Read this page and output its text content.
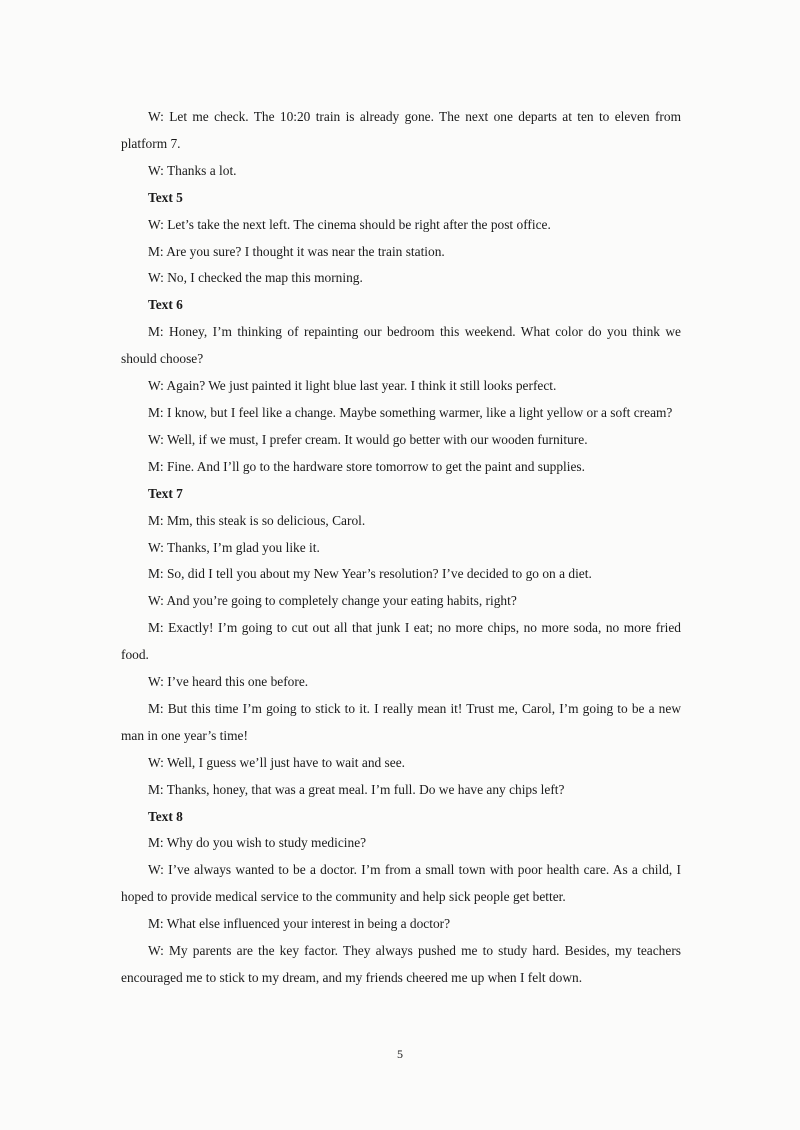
W: Let me check. The 10:20 train is already gone. The next one departs at ten to eleven from platform 7.

W: Thanks a lot.

Text 5

W: Let’s take the next left. The cinema should be right after the post office.

M: Are you sure? I thought it was near the train station.

W: No, I checked the map this morning.

Text 6

M: Honey, I’m thinking of repainting our bedroom this weekend. What color do you think we should choose?

W: Again? We just painted it light blue last year. I think it still looks perfect.

M: I know, but I feel like a change. Maybe something warmer, like a light yellow or a soft cream?

W: Well, if we must, I prefer cream. It would go better with our wooden furniture.

M: Fine. And I’ll go to the hardware store tomorrow to get the paint and supplies.

Text 7

M: Mm, this steak is so delicious, Carol.

W: Thanks, I’m glad you like it.

M: So, did I tell you about my New Year’s resolution? I’ve decided to go on a diet.

W: And you’re going to completely change your eating habits, right?

M: Exactly! I’m going to cut out all that junk I eat; no more chips, no more soda, no more fried food.

W: I’ve heard this one before.

M: But this time I’m going to stick to it. I really mean it! Trust me, Carol, I’m going to be a new man in one year’s time!

W: Well, I guess we’ll just have to wait and see.

M: Thanks, honey, that was a great meal. I’m full. Do we have any chips left?

Text 8

M: Why do you wish to study medicine?

W: I’ve always wanted to be a doctor. I’m from a small town with poor health care. As a child, I hoped to provide medical service to the community and help sick people get better.

M: What else influenced your interest in being a doctor?

W: My parents are the key factor. They always pushed me to study hard. Besides, my teachers encouraged me to stick to my dream, and my friends cheered me up when I felt down.

5
